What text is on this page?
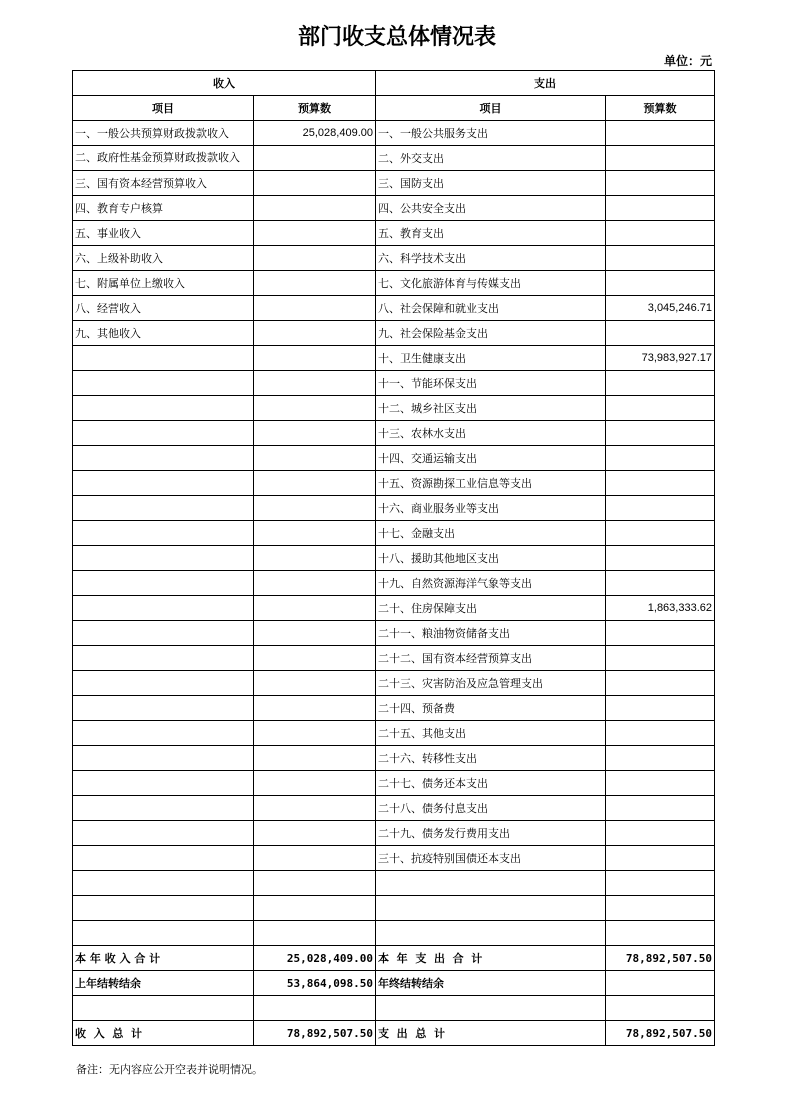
部门收支总体情况表
单位：元
收入		支出	
项目	预算数	项目	预算数
一、一般公共预算财政拨款收入	25,028,409.00	一、一般公共服务支出	
二、政府性基金预算财政拨款收入		二、外交支出	
三、国有资本经营预算收入		三、国防支出	
四、教育专户核算		四、公共安全支出	
五、事业收入		五、教育支出	
六、上级补助收入		六、科学技术支出	
七、附属单位上缴收入		七、文化旅游体育与传媒支出	
八、经营收入		八、社会保障和就业支出	3,045,246.71
九、其他收入		九、社会保险基金支出	
		十、卫生健康支出	73,983,927.17
		十一、节能环保支出	
		十二、城乡社区支出	
		十三、农林水支出	
		十四、交通运输支出	
		十五、资源勘探工业信息等支出	
		十六、商业服务业等支出	
		十七、金融支出	
		十八、援助其他地区支出	
		十九、自然资源海洋气象等支出	
		二十、住房保障支出	1,863,333.62
		二十一、粮油物资储备支出	
		二十二、国有资本经营预算支出	
		二十三、灾害防治及应急管理支出	
		二十四、预备费	
		二十五、其他支出	
		二十六、转移性支出	
		二十七、债务还本支出	
		二十八、债务付息支出	
		二十九、债务发行费用支出	
		三十、抗疫特别国债还本支出	

本 年 收 入 合 计	25,028,409.00	本  年  支  出  合  计	78,892,507.50
上年结转结余	53,864,098.50	年终结转结余	

收  入  总  计	78,892,507.50	支  出  总  计	78,892,507.50
备注：无内容应公开空表并说明情况。
